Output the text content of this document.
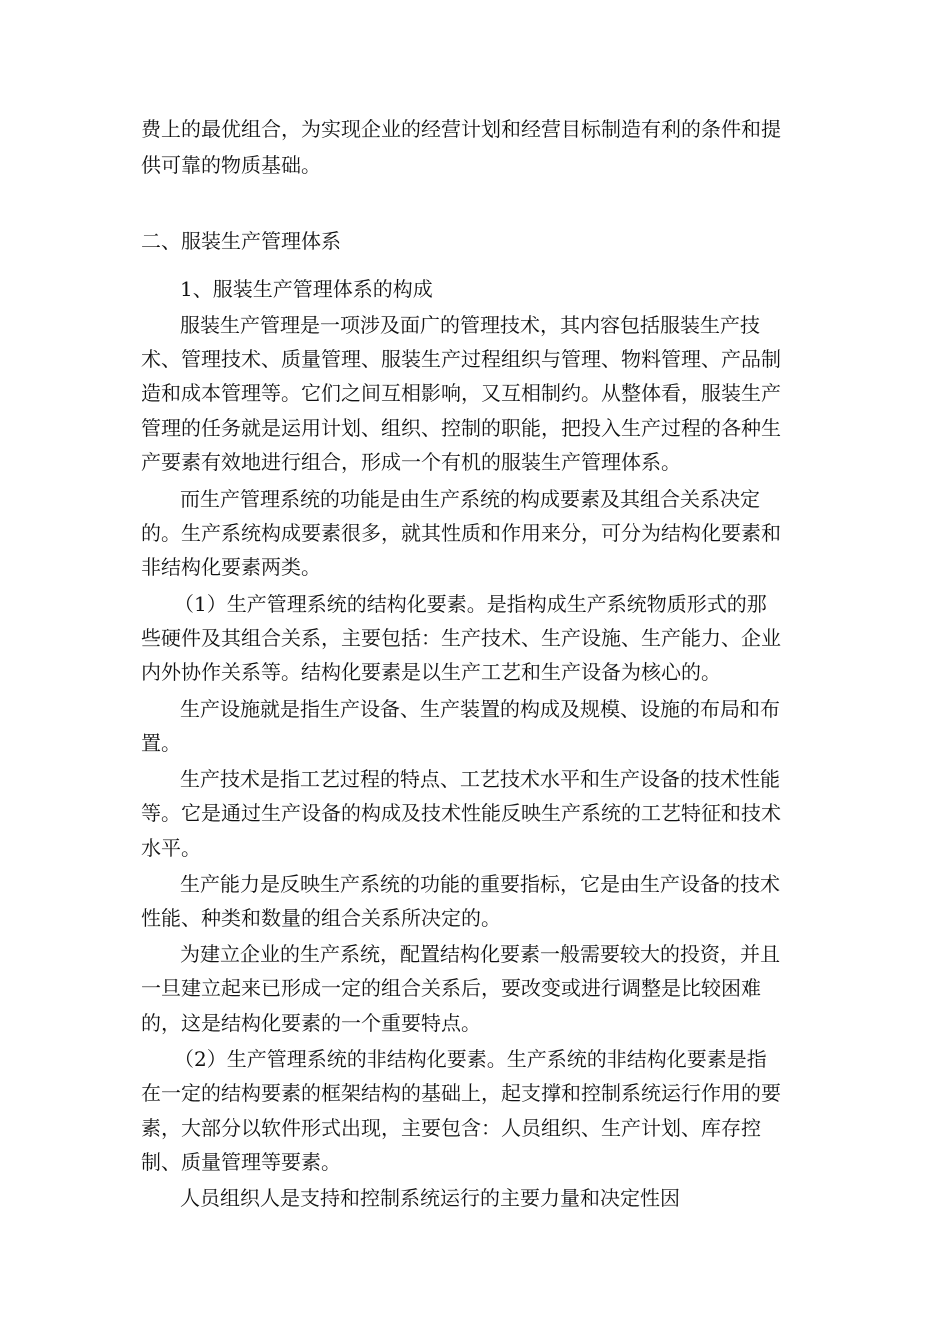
费上的最优组合，为实现企业的经营计划和经营目标制造有利的条件和提
供可靠的物质基础。
二、服装生产管理体系
1、服装生产管理体系的构成
服装生产管理是一项涉及面广的管理技术，其内容包括服装生产技
术、管理技术、质量管理、服装生产过程组织与管理、物料管理、产品制
造和成本管理等。它们之间互相影响，又互相制约。从整体看，服装生产
管理的任务就是运用计划、组织、控制的职能，把投入生产过程的各种生
产要素有效地进行组合，形成一个有机的服装生产管理体系。
而生产管理系统的功能是由生产系统的构成要素及其组合关系决定
的。生产系统构成要素很多，就其性质和作用来分，可分为结构化要素和
非结构化要素两类。
（1）生产管理系统的结构化要素。是指构成生产系统物质形式的那
些硬件及其组合关系，主要包括：生产技术、生产设施、生产能力、企业
内外协作关系等。结构化要素是以生产工艺和生产设备为核心的。
生产设施就是指生产设备、生产装置的构成及规模、设施的布局和布
置。
生产技术是指工艺过程的特点、工艺技术水平和生产设备的技术性能
等。它是通过生产设备的构成及技术性能反映生产系统的工艺特征和技术
水平。
生产能力是反映生产系统的功能的重要指标，它是由生产设备的技术
性能、种类和数量的组合关系所决定的。
为建立企业的生产系统，配置结构化要素一般需要较大的投资，并且
一旦建立起来已形成一定的组合关系后，要改变或进行调整是比较困难
的，这是结构化要素的一个重要特点。
（2）生产管理系统的非结构化要素。生产系统的非结构化要素是指
在一定的结构要素的框架结构的基础上，起支撑和控制系统运行作用的要
素，大部分以软件形式出现，主要包含：人员组织、生产计划、库存控
制、质量管理等要素。
人员组织人是支持和控制系统运行的主要力量和决定性因
